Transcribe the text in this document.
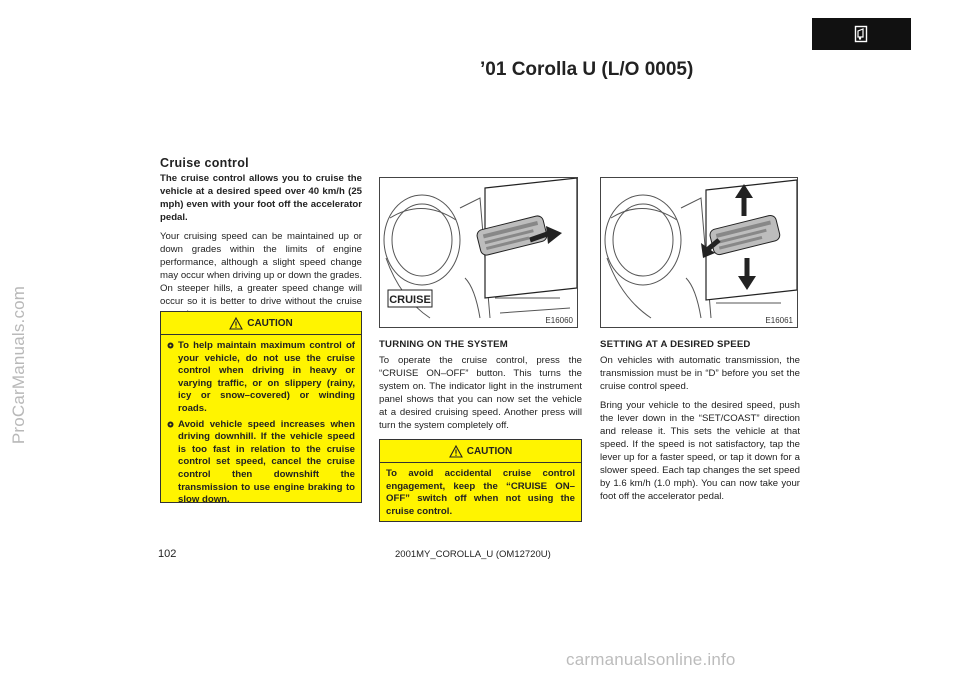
ProCarManuals.com
’01 Corolla U (L/O 0005)
Cruise control

The cruise control allows you to cruise the vehicle at a desired speed over 40 km/h (25 mph) even with your foot off the accelerator pedal.

Your cruising speed can be maintained up or down grades within the limits of engine performance, although a slight speed change may occur when driving up or down the grades. On steeper hills, a greater speed change will occur so it is better to drive without the cruise

CAUTION
To help maintain maximum control of your vehicle, do not use the cruise control when driving in heavy or varying traffic, or on slippery (rainy, icy or snow–covered) or winding roads.
Avoid vehicle speed increases when driving downhill. If the vehicle speed is too fast in relation to the cruise control set speed, cancel the cruise control then downshift the transmission to use engine braking to slow down.
CRUISE
E16060	E16061
TURNING ON THE SYSTEM

To operate the cruise control, press the “CRUISE ON–OFF” button. This turns the system on. The indicator light in the instrument panel shows that you can now set the vehicle at a desired cruising speed. Another press will turn the system completely off.

CAUTION

To avoid accidental cruise control engagement, keep the “CRUISE ON–OFF” switch off when not using the cruise control.

SETTING AT A DESIRED SPEED

On vehicles with automatic transmission, the transmission must be in “D” before you set the cruise control speed.

Bring your vehicle to the desired speed, push the lever down in the “SET/COAST” direction and release it. This sets the vehicle at that speed. If the speed is not satisfactory, tap the lever up for a faster speed, or tap it down for a slower speed. Each tap changes the set speed by 1.6 km/h (1.0 mph). You can now take your foot off the accelerator pedal.

102	2001MY_COROLLA_U (OM12720U)
carmanualsonline.info
